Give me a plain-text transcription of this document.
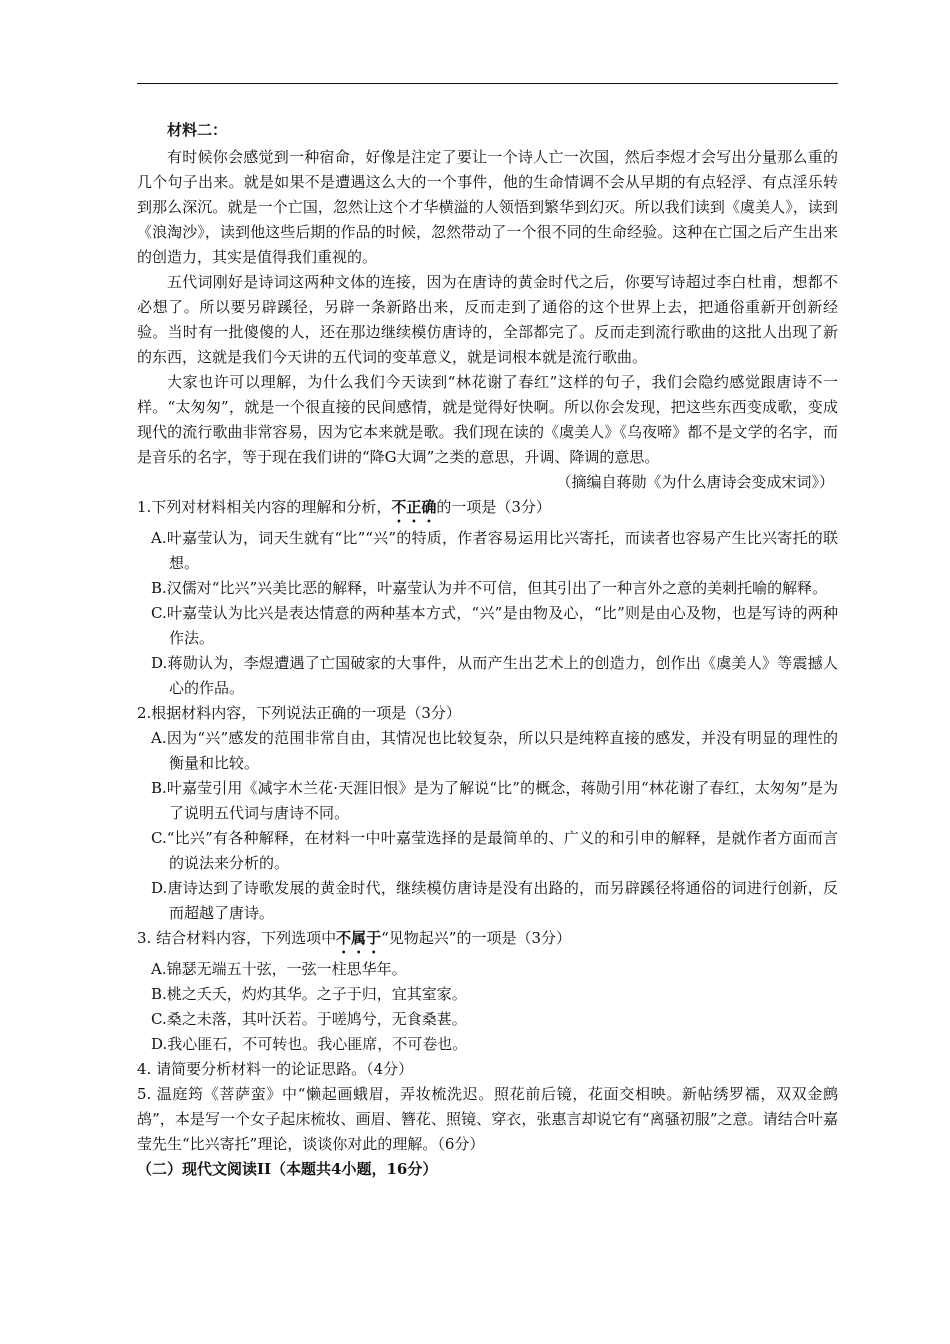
材料二：

有时候你会感觉到一种宿命，好像是注定了要让一个诗人亡一次国，然后李煜才会写出分量那么重的几个句子出来。就是如果不是遭遇这么大的一个事件，他的生命情调不会从早期的有点轻浮、有点淫乐转到那么深沉。就是一个亡国，忽然让这个才华横溢的人领悟到繁华到幻灭。所以我们读到《虞美人》，读到《浪淘沙》，读到他这些后期的作品的时候，忽然带动了一个很不同的生命经验。这种在亡国之后产生出来的创造力，其实是值得我们重视的。

五代词刚好是诗词这两种文体的连接，因为在唐诗的黄金时代之后，你要写诗超过李白杜甫，想都不必想了。所以要另辟蹊径，另辟一条新路出来，反而走到了通俗的这个世界上去，把通俗重新开创新经验。当时有一批傻傻的人，还在那边继续模仿唐诗的，全部都完了。反而走到流行歌曲的这批人出现了新的东西，这就是我们今天讲的五代词的变革意义，就是词根本就是流行歌曲。

大家也许可以理解，为什么我们今天读到“林花谢了春红”这样的句子，我们会隐约感觉跟唐诗不一样。“太匆匆”，就是一个很直接的民间感情，就是觉得好快啊。所以你会发现，把这些东西变成歌，变成现代的流行歌曲非常容易，因为它本来就是歌。我们现在读的《虞美人》《乌夜啼》都不是文学的名字，而是音乐的名字，等于现在我们讲的“降G大调”之类的意思，升调、降调的意思。

（摘编自蒋勋《为什么唐诗会变成宋词》）

1.下列对材料相关内容的理解和分析，不正确的一项是（3分）

A.叶嘉莹认为，词天生就有“比”“兴”的特质，作者容易运用比兴寄托，而读者也容易产生比兴寄托的联想。

B.汉儒对“比兴”兴美比恶的解释，叶嘉莹认为并不可信，但其引出了一种言外之意的美刺托喻的解释。

C.叶嘉莹认为比兴是表达情意的两种基本方式，“兴”是由物及心，“比”则是由心及物，也是写诗的两种作法。

D.蒋勋认为，李煜遭遇了亡国破家的大事件，从而产生出艺术上的创造力，创作出《虞美人》等震撼人心的作品。

2.根据材料内容，下列说法正确的一项是（3分）

A.因为“兴”感发的范围非常自由，其情况也比较复杂，所以只是纯粹直接的感发，并没有明显的理性的衡量和比较。

B.叶嘉莹引用《减字木兰花·天涯旧恨》是为了解说“比”的概念，蒋勋引用“林花谢了春红，太匆匆”是为了说明五代词与唐诗不同。

C.“比兴”有各种解释，在材料一中叶嘉莹选择的是最简单的、广义的和引申的解释，是就作者方面而言的说法来分析的。

D.唐诗达到了诗歌发展的黄金时代，继续模仿唐诗是没有出路的，而另辟蹊径将通俗的词进行创新，反而超越了唐诗。

3. 结合材料内容，下列选项中不属于“见物起兴”的一项是（3分）

A.锦瑟无端五十弦，一弦一柱思华年。

B.桃之夭夭，灼灼其华。之子于归，宜其室家。

C.桑之未落，其叶沃若。于嗟鸠兮，无食桑葚。

D.我心匪石，不可转也。我心匪席，不可卷也。

4. 请简要分析材料一的论证思路。（4分）

5. 温庭筠《菩萨蛮》中“懒起画蛾眉，弄妆梳洗迟。照花前后镜，花面交相映。新帖绣罗襦，双双金鹧鸪”，本是写一个女子起床梳妆、画眉、簪花、照镜、穿衣，张惠言却说它有“离骚初服”之意。请结合叶嘉莹先生“比兴寄托”理论，谈谈你对此的理解。（6分）

（二）现代文阅读II（本题共4小题，16分）
